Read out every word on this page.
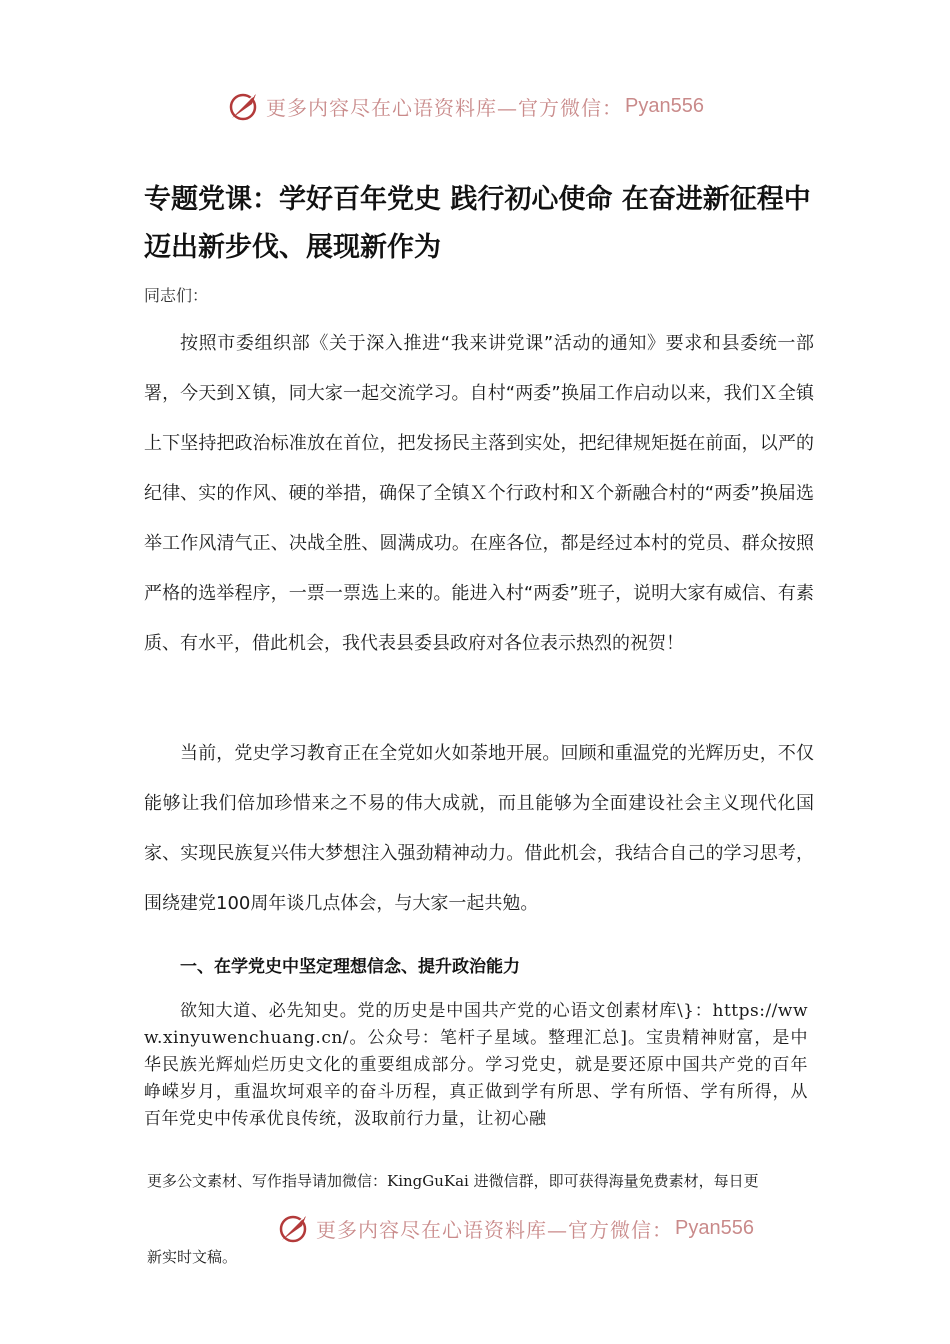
更多内容尽在心语资料库—官方微信： Pyan556
专题党课：学好百年党史 践行初心使命 在奋进新征程中迈出新步伐、展现新作为
同志们：
按照市委组织部《关于深入推进“我来讲党课”活动的通知》要求和县委统一部署，今天到Ｘ镇，同大家一起交流学习。自村“两委”换届工作启动以来，我们Ｘ全镇上下坚持把政治标准放在首位，把发扬民主落到实处，把纪律规矩挺在前面，以严的纪律、实的作风、硬的举措，确保了全镇Ｘ个行政村和Ｘ个新融合村的“两委”换届选举工作风清气正、决战全胜、圆满成功。在座各位，都是经过本村的党员、群众按照严格的选举程序，一票一票选上来的。能进入村“两委”班子，说明大家有威信、有素质、有水平，借此机会，我代表县委县政府对各位表示热烈的祝贺！
当前，党史学习教育正在全党如火如荼地开展。回顾和重温党的光辉历史，不仅能够让我们倍加珍惜来之不易的伟大成就，而且能够为全面建设社会主义现代化国家、实现民族复兴伟大梦想注入强劲精神动力。借此机会，我结合自己的学习思考，围绕建党100周年谈几点体会，与大家一起共勉。
一、在学党史中坚定理想信念、提升政治能力
欲知大道、必先知史。党的历史是中国共产党的心语文创素材库\}：https://www.xinyuwenchuang.cn/。公众号：笔杆子星域。整理汇总]。宝贵精神财富，是中华民族光辉灿烂历史文化的重要组成部分。学习党史，就是要还原中国共产党的百年峥嵘岁月，重温坎坷艰辛的奋斗历程，真正做到学有所思、学有所悟、学有所得，从百年党史中传承优良传统，汲取前行力量，让初心融
更多公文素材、写作指导请加微信：KingGuKai 进微信群，即可获得海量免费素材，每日更
更多内容尽在心语资料库—官方微信： Pyan556
新实时文稿。
